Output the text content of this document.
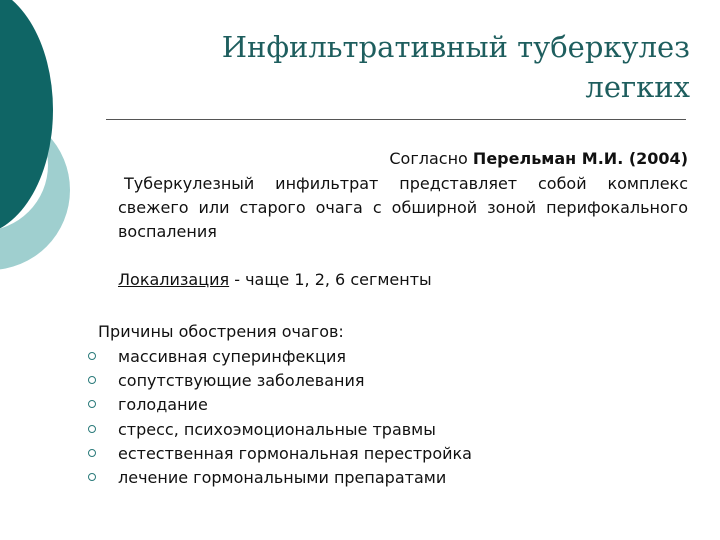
Инфильтративный туберкулез
легких
Согласно Перельман М.И. (2004)
Туберкулезный инфильтрат представляет собой комплекс свежего или старого очага с обширной зоной перифокального воспаления
Локализация - чаще 1, 2, 6 сегменты
Причины обострения очагов:
массивная суперинфекция
сопутствующие заболевания
голодание
стресс, психоэмоциональные травмы
естественная гормональная перестройка
лечение гормональными препаратами
